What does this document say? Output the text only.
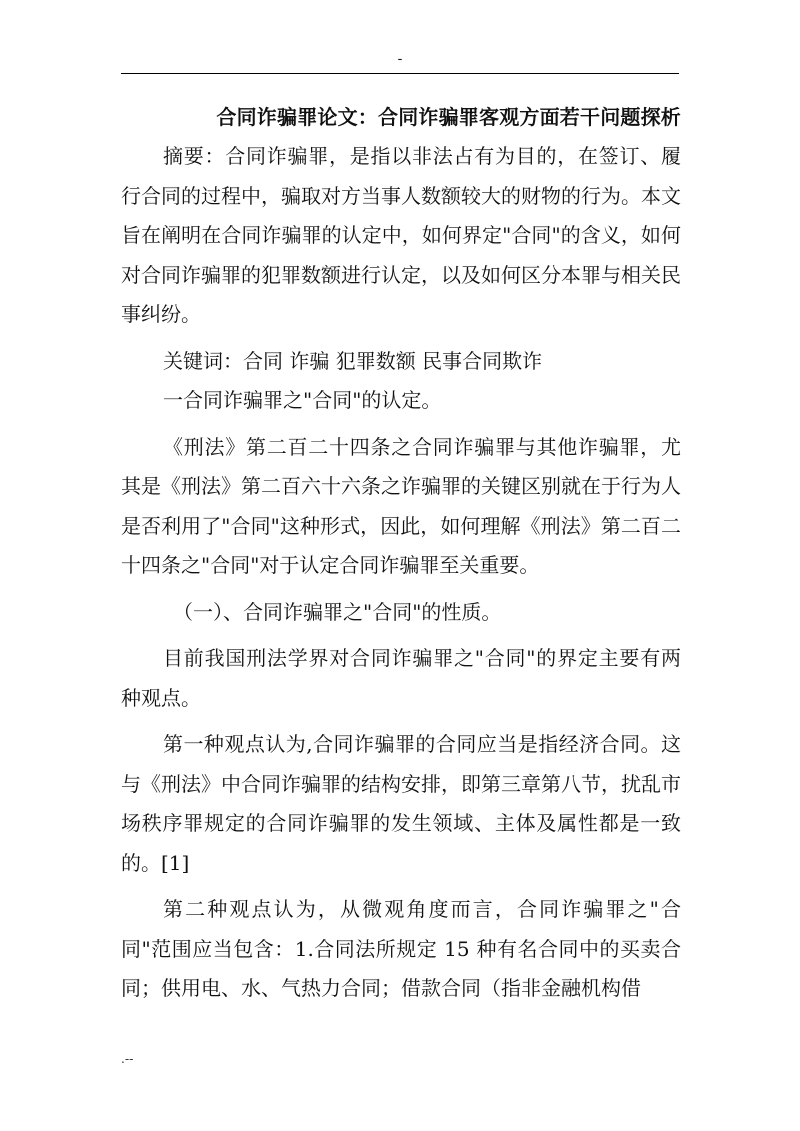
-
合同诈骗罪论文：合同诈骗罪客观方面若干问题探析

摘要：合同诈骗罪，是指以非法占有为目的，在签订、履行合同的过程中，骗取对方当事人数额较大的财物的行为。本文旨在阐明在合同诈骗罪的认定中，如何界定"合同"的含义，如何对合同诈骗罪的犯罪数额进行认定，以及如何区分本罪与相关民事纠纷。

关键词：合同 诈骗 犯罪数额 民事合同欺诈

一合同诈骗罪之"合同"的认定。

《刑法》第二百二十四条之合同诈骗罪与其他诈骗罪，尤其是《刑法》第二百六十六条之诈骗罪的关键区别就在于行为人是否利用了"合同"这种形式，因此，如何理解《刑法》第二百二十四条之"合同"对于认定合同诈骗罪至关重要。

（一）、合同诈骗罪之"合同"的性质。

目前我国刑法学界对合同诈骗罪之"合同"的界定主要有两种观点。

第一种观点认为,合同诈骗罪的合同应当是指经济合同。这与《刑法》中合同诈骗罪的结构安排，即第三章第八节，扰乱市场秩序罪规定的合同诈骗罪的发生领域、主体及属性都是一致的。[1]

第二种观点认为，从微观角度而言，合同诈骗罪之"合同"范围应当包含：1.合同法所规定 15 种有名合同中的买卖合同；供用电、水、气热力合同；借款合同（指非金融机构借

.--
